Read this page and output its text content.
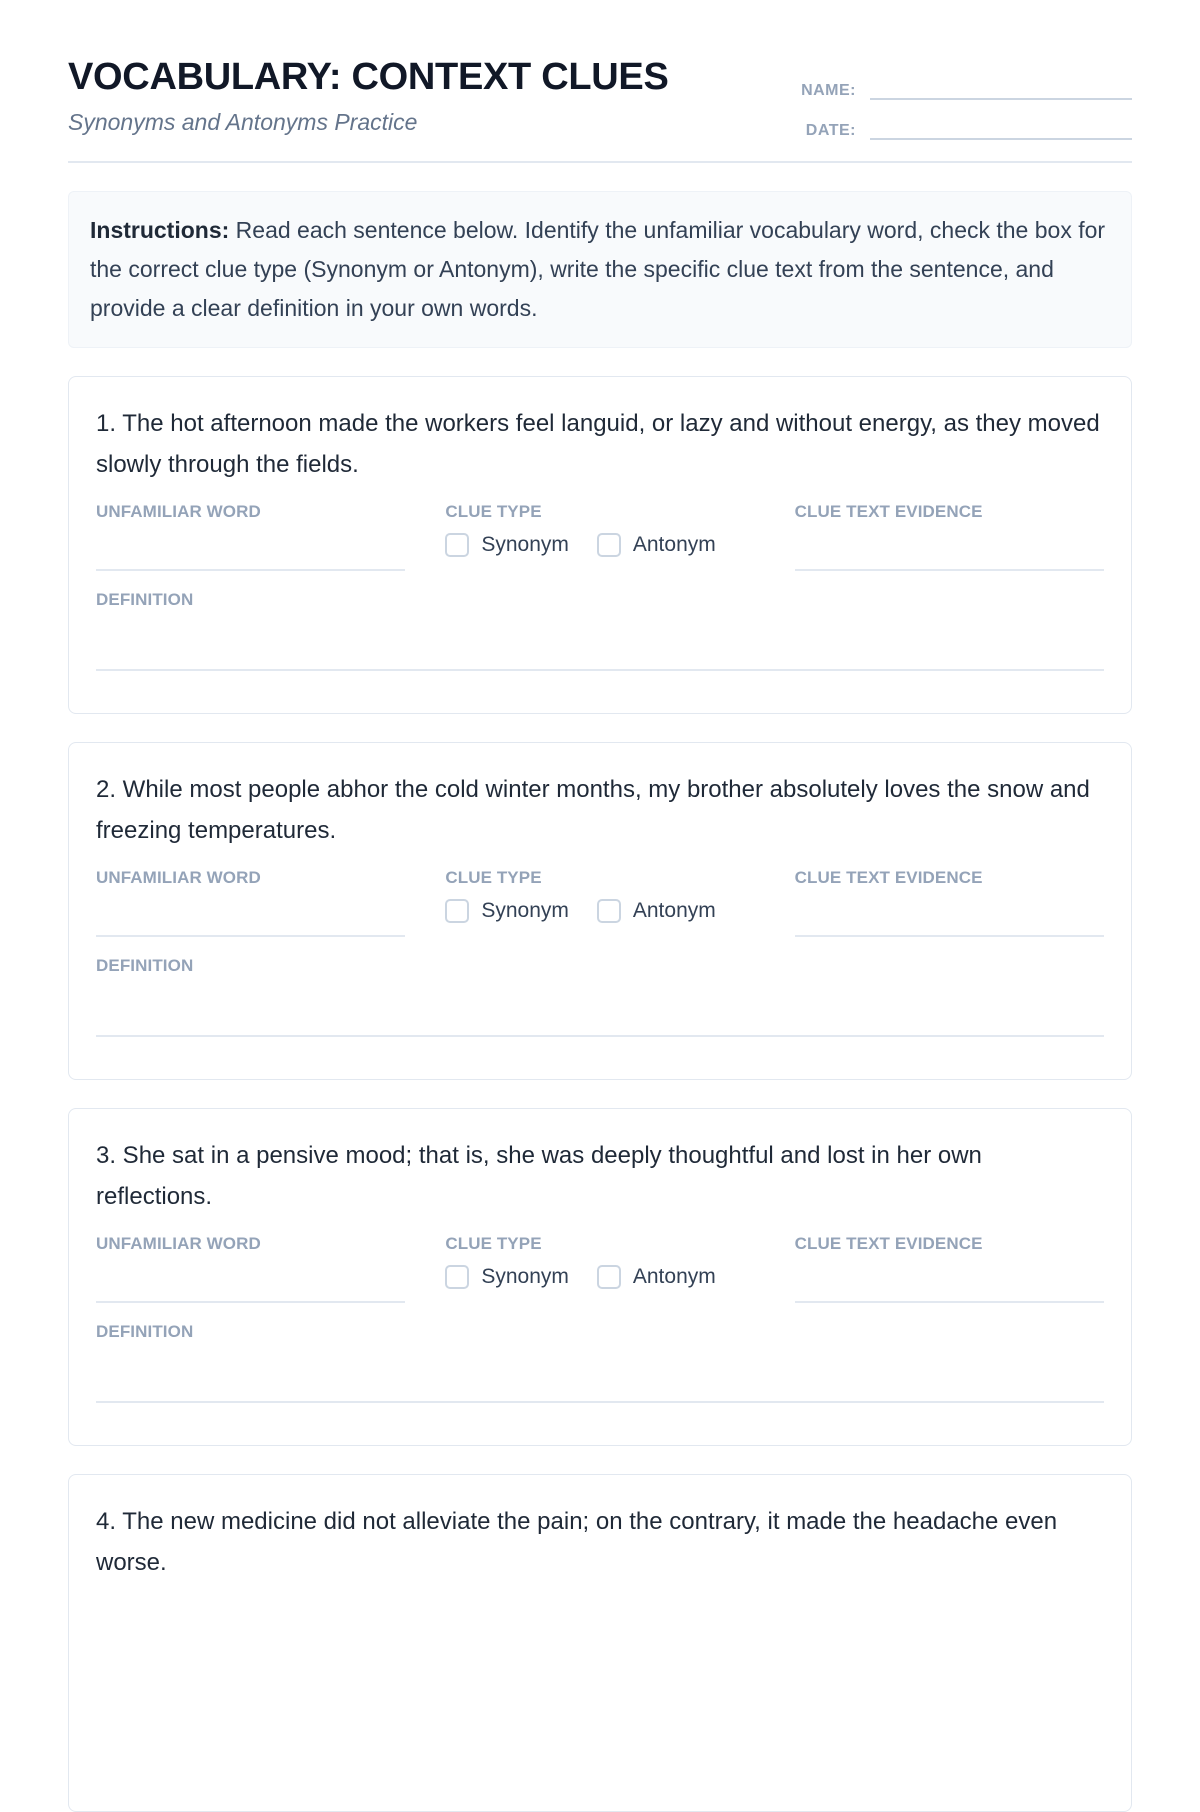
VOCABULARY: CONTEXT CLUES
Synonyms and Antonyms Practice
NAME:
DATE:
Instructions: Read each sentence below. Identify the unfamiliar vocabulary word, check the box for the correct clue type (Synonym or Antonym), write the specific clue text from the sentence, and provide a clear definition in your own words.
1. The hot afternoon made the workers feel languid, or lazy and without energy, as they moved slowly through the fields.
UNFAMILIAR WORD	CLUE TYPE
Synonym	Antonym
CLUE TEXT EVIDENCE
DEFINITION
2. While most people abhor the cold winter months, my brother absolutely loves the snow and freezing temperatures.
UNFAMILIAR WORD	CLUE TYPE
Synonym	Antonym
CLUE TEXT EVIDENCE
DEFINITION
3. She sat in a pensive mood; that is, she was deeply thoughtful and lost in her own reflections.
UNFAMILIAR WORD	CLUE TYPE
Synonym	Antonym
CLUE TEXT EVIDENCE
DEFINITION
4. The new medicine did not alleviate the pain; on the contrary, it made the headache even worse.
